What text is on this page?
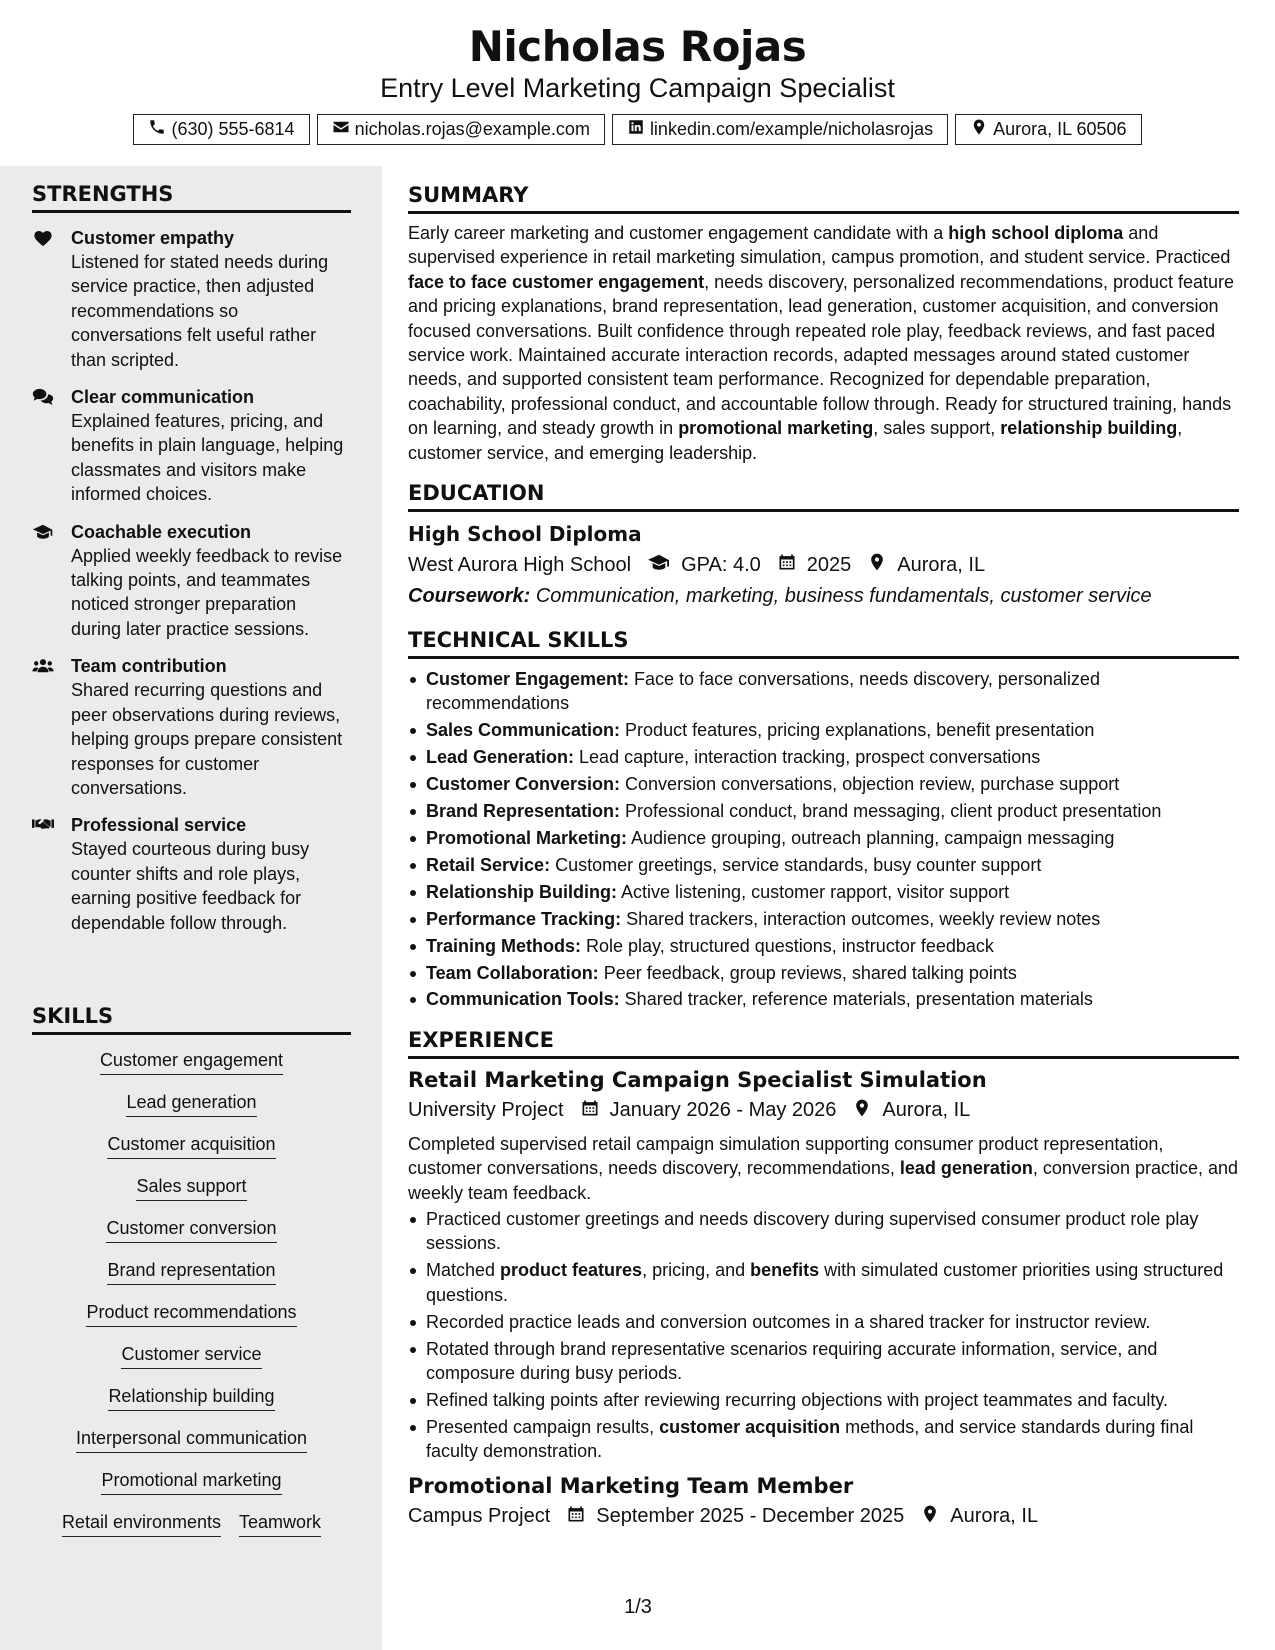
Nicholas Rojas
Entry Level Marketing Campaign Specialist
(630) 555-6814	nicholas.rojas@example.com	linkedin.com/example/nicholasrojas	Aurora, IL 60506
STRENGTHS
Customer empathy
Listened for stated needs during service practice, then adjusted recommendations so conversations felt useful rather than scripted.
Clear communication
Explained features, pricing, and benefits in plain language, helping classmates and visitors make informed choices.
Coachable execution
Applied weekly feedback to revise talking points, and teammates noticed stronger preparation during later practice sessions.
Team contribution
Shared recurring questions and peer observations during reviews, helping groups prepare consistent responses for customer conversations.
Professional service
Stayed courteous during busy counter shifts and role plays, earning positive feedback for dependable follow through.
SKILLS
Customer engagement
Lead generation
Customer acquisition
Sales support
Customer conversion
Brand representation
Product recommendations
Customer service
Relationship building
Interpersonal communication
Promotional marketing
Retail environments Teamwork
SUMMARY

Early career marketing and customer engagement candidate with a high school diploma and supervised experience in retail marketing simulation, campus promotion, and student service. Practiced face to face customer engagement, needs discovery, personalized recommendations, product feature and pricing explanations, brand representation, lead generation, customer acquisition, and conversion focused conversations. Built confidence through repeated role play, feedback reviews, and fast paced service work. Maintained accurate interaction records, adapted messages around stated customer needs, and supported consistent team performance. Recognized for dependable preparation, coachability, professional conduct, and accountable follow through. Ready for structured training, hands on learning, and steady growth in promotional marketing, sales support, relationship building, customer service, and emerging leadership.

EDUCATION
High School Diploma
West Aurora High School	GPA: 4.0 2025 Aurora, IL
Coursework: Communication, marketing, business fundamentals, customer service
TECHNICAL SKILLS
Customer Engagement: Face to face conversations, needs discovery, personalized recommendations
Sales Communication: Product features, pricing explanations, benefit presentation
Lead Generation: Lead capture, interaction tracking, prospect conversations
Customer Conversion: Conversion conversations, objection review, purchase support
Brand Representation: Professional conduct, brand messaging, client product presentation
Promotional Marketing: Audience grouping, outreach planning, campaign messaging
Retail Service: Customer greetings, service standards, busy counter support
Relationship Building: Active listening, customer rapport, visitor support
Performance Tracking: Shared trackers, interaction outcomes, weekly review notes
Training Methods: Role play, structured questions, instructor feedback
Team Collaboration: Peer feedback, group reviews, shared talking points
Communication Tools: Shared tracker, reference materials, presentation materials
EXPERIENCE
Retail Marketing Campaign Specialist Simulation
University Project January 2026 - May 2026 Aurora, IL

Completed supervised retail campaign simulation supporting consumer product representation, customer conversations, needs discovery, recommendations, lead generation, conversion practice, and weekly team feedback.

Practiced customer greetings and needs discovery during supervised consumer product role play sessions.
Matched product features, pricing, and benefits with simulated customer priorities using structured questions.
Recorded practice leads and conversion outcomes in a shared tracker for instructor review.
Rotated through brand representative scenarios requiring accurate information, service, and composure during busy periods.
Refined talking points after reviewing recurring objections with project teammates and faculty.
Presented campaign results, customer acquisition methods, and service standards during final faculty demonstration.
Promotional Marketing Team Member
Campus Project September 2025 - December 2025 Aurora, IL
1/3
